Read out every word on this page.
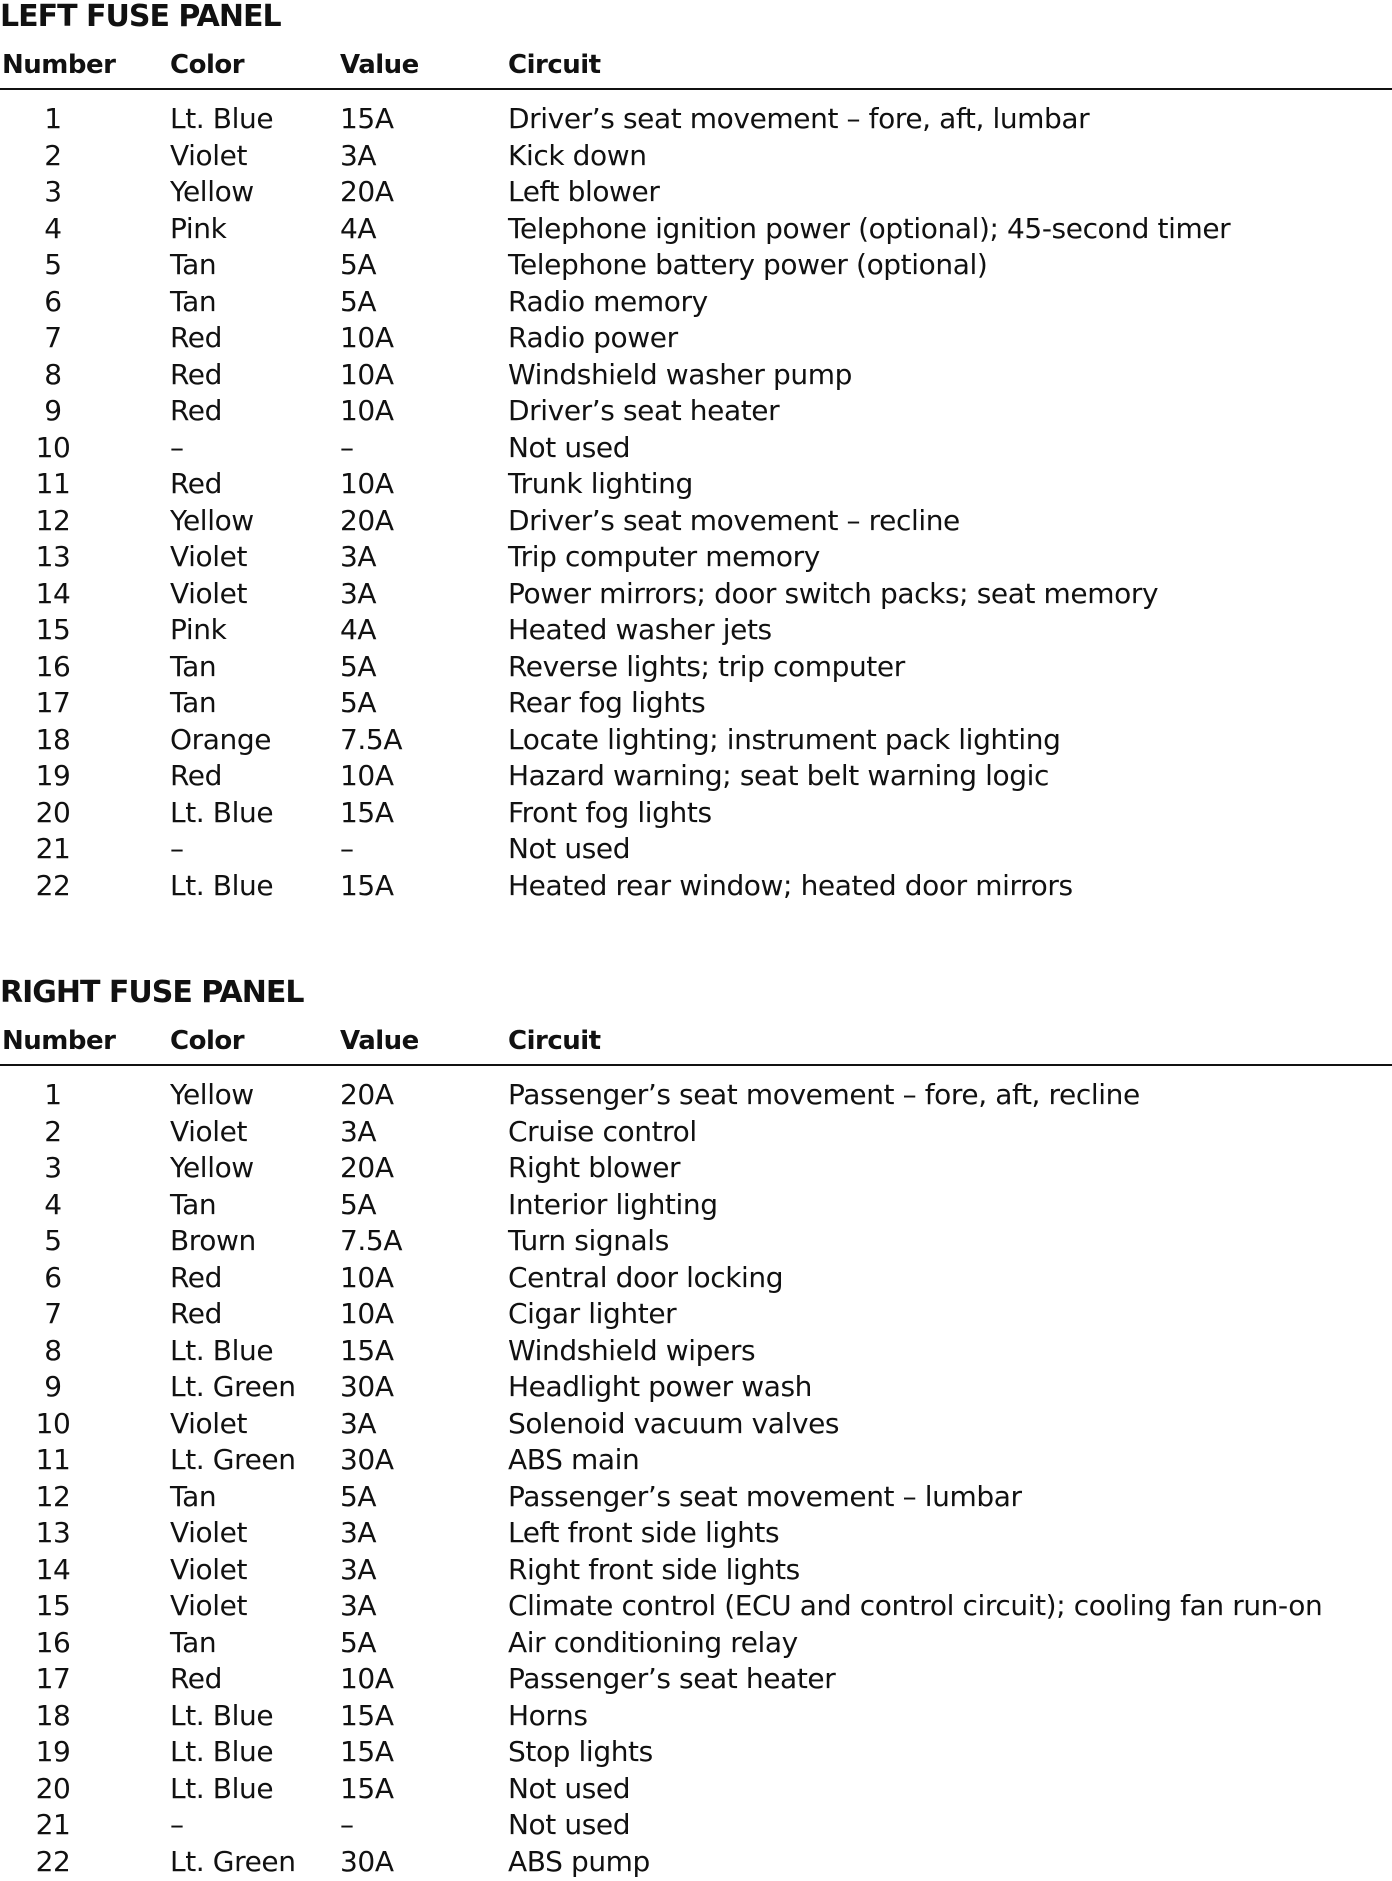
LEFT FUSE PANEL
Number Color	Value	Circuit
1	Lt. Blue 15A	Driver’s seat movement – fore, aft, lumbar
2	Violet	3A	Kick down
3	Yellow	20A	Left blower
4	Pink	4A	Telephone ignition power (optional); 45-second timer
5	Tan	5A	Telephone battery power (optional)
6	Tan	5A	Radio memory
7	Red	10A	Radio power
8	Red	10A	Windshield washer pump
9	Red	10A	Driver’s seat heater
10	–	–	Not used
11	Red	10A	Trunk lighting
12	Yellow	20A	Driver’s seat movement – recline
13	Violet	3A	Trip computer memory
14	Violet	3A	Power mirrors; door switch packs; seat memory
15	Pink	4A	Heated washer jets
16	Tan	5A	Reverse lights; trip computer
17	Tan	5A	Rear fog lights
18	Orange 7.5A	Locate lighting; instrument pack lighting
19	Red	10A	Hazard warning; seat belt warning logic
20	Lt. Blue 15A	Front fog lights
21	–	–	Not used
22	Lt. Blue 15A	Heated rear window; heated door mirrors
RIGHT FUSE PANEL
Number Color	Value	Circuit
1	Yellow	20A	Passenger’s seat movement – fore, aft, recline
2	Violet	3A	Cruise control
3	Yellow	20A	Right blower
4	Tan	5A	Interior lighting
5	Brown	7.5A	Turn signals
6	Red	10A	Central door locking
7	Red	10A	Cigar lighter
8	Lt. Blue 15A	Windshield wipers
9	Lt. Green 30A	Headlight power wash
10	Violet	3A	Solenoid vacuum valves
11	Lt. Green 30A	ABS main
12	Tan	5A	Passenger’s seat movement – lumbar
13	Violet	3A	Left front side lights
14	Violet	3A	Right front side lights
15	Violet	3A	Climate control (ECU and control circuit); cooling fan run-on
16	Tan	5A	Air conditioning relay
17	Red	10A	Passenger’s seat heater
18	Lt. Blue 15A	Horns
19	Lt. Blue 15A	Stop lights
20	Lt. Blue 15A	Not used
21	–	–	Not used
22	Lt. Green 30A	ABS pump
